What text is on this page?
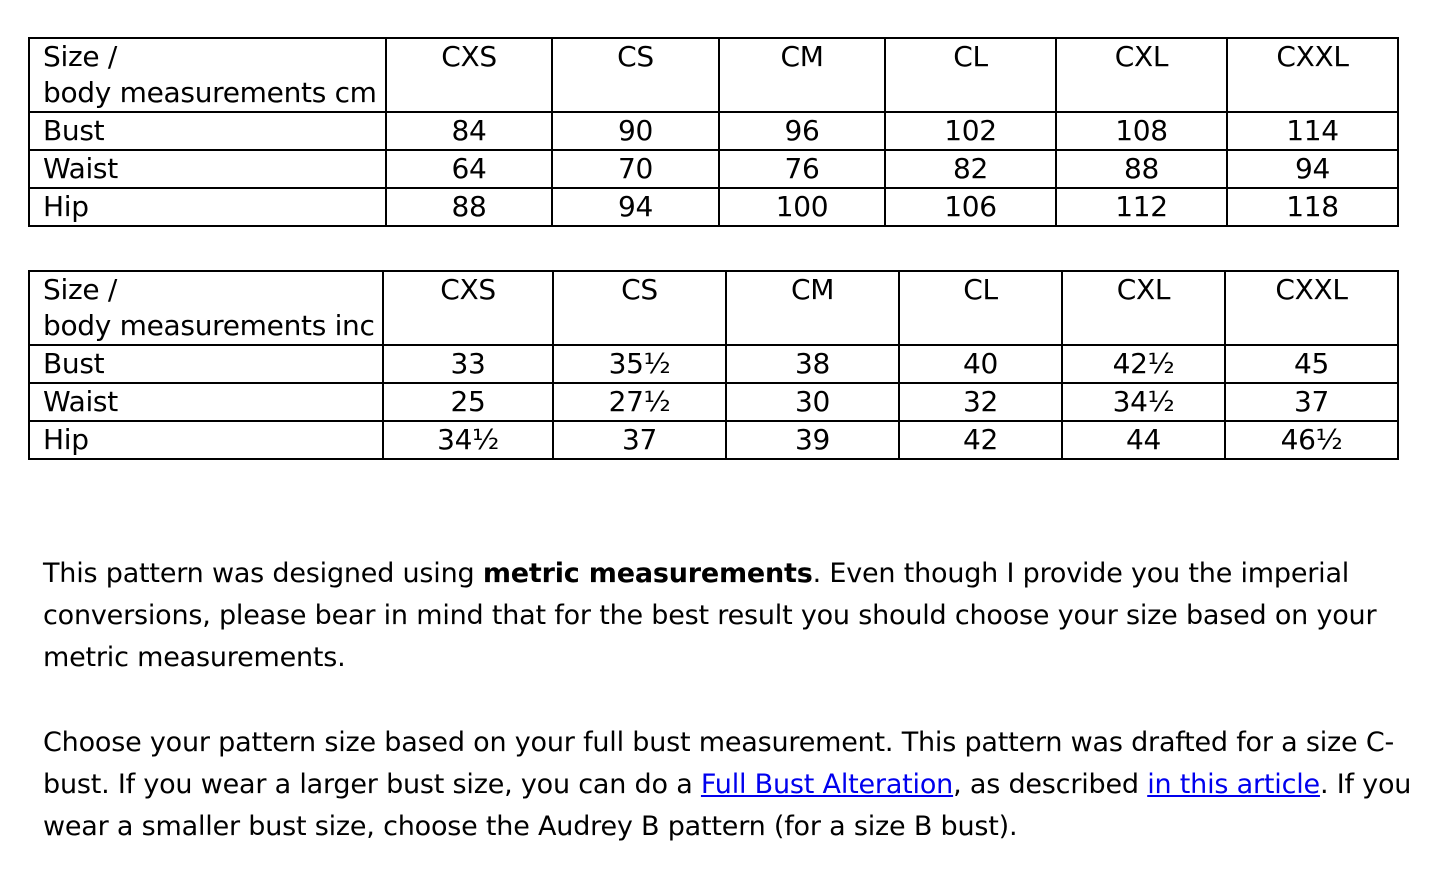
Size /
body measurements cm	CXS	CS	CM	CL	CXL	CXXL
Bust	84	90	96	102	108	114
Waist	64	70	76	82	88	94
Hip	88	94	100	106	112	118
Size /
body measurements inc	CXS	CS	CM	CL	CXL	CXXL
Bust	33	35½	38	40	42½	45
Waist	25	27½	30	32	34½	37
Hip	34½	37	39	42	44	46½

This pattern was designed using metric measurements. Even though I provide you the imperial conversions, please bear in mind that for the best result you should choose your size based on your metric measurements.

Choose your pattern size based on your full bust measurement. This pattern was drafted for a size C-bust. If you wear a larger bust size, you can do a Full Bust Alteration, as described in this article. If you wear a smaller bust size, choose the Audrey B pattern (for a size B bust).
